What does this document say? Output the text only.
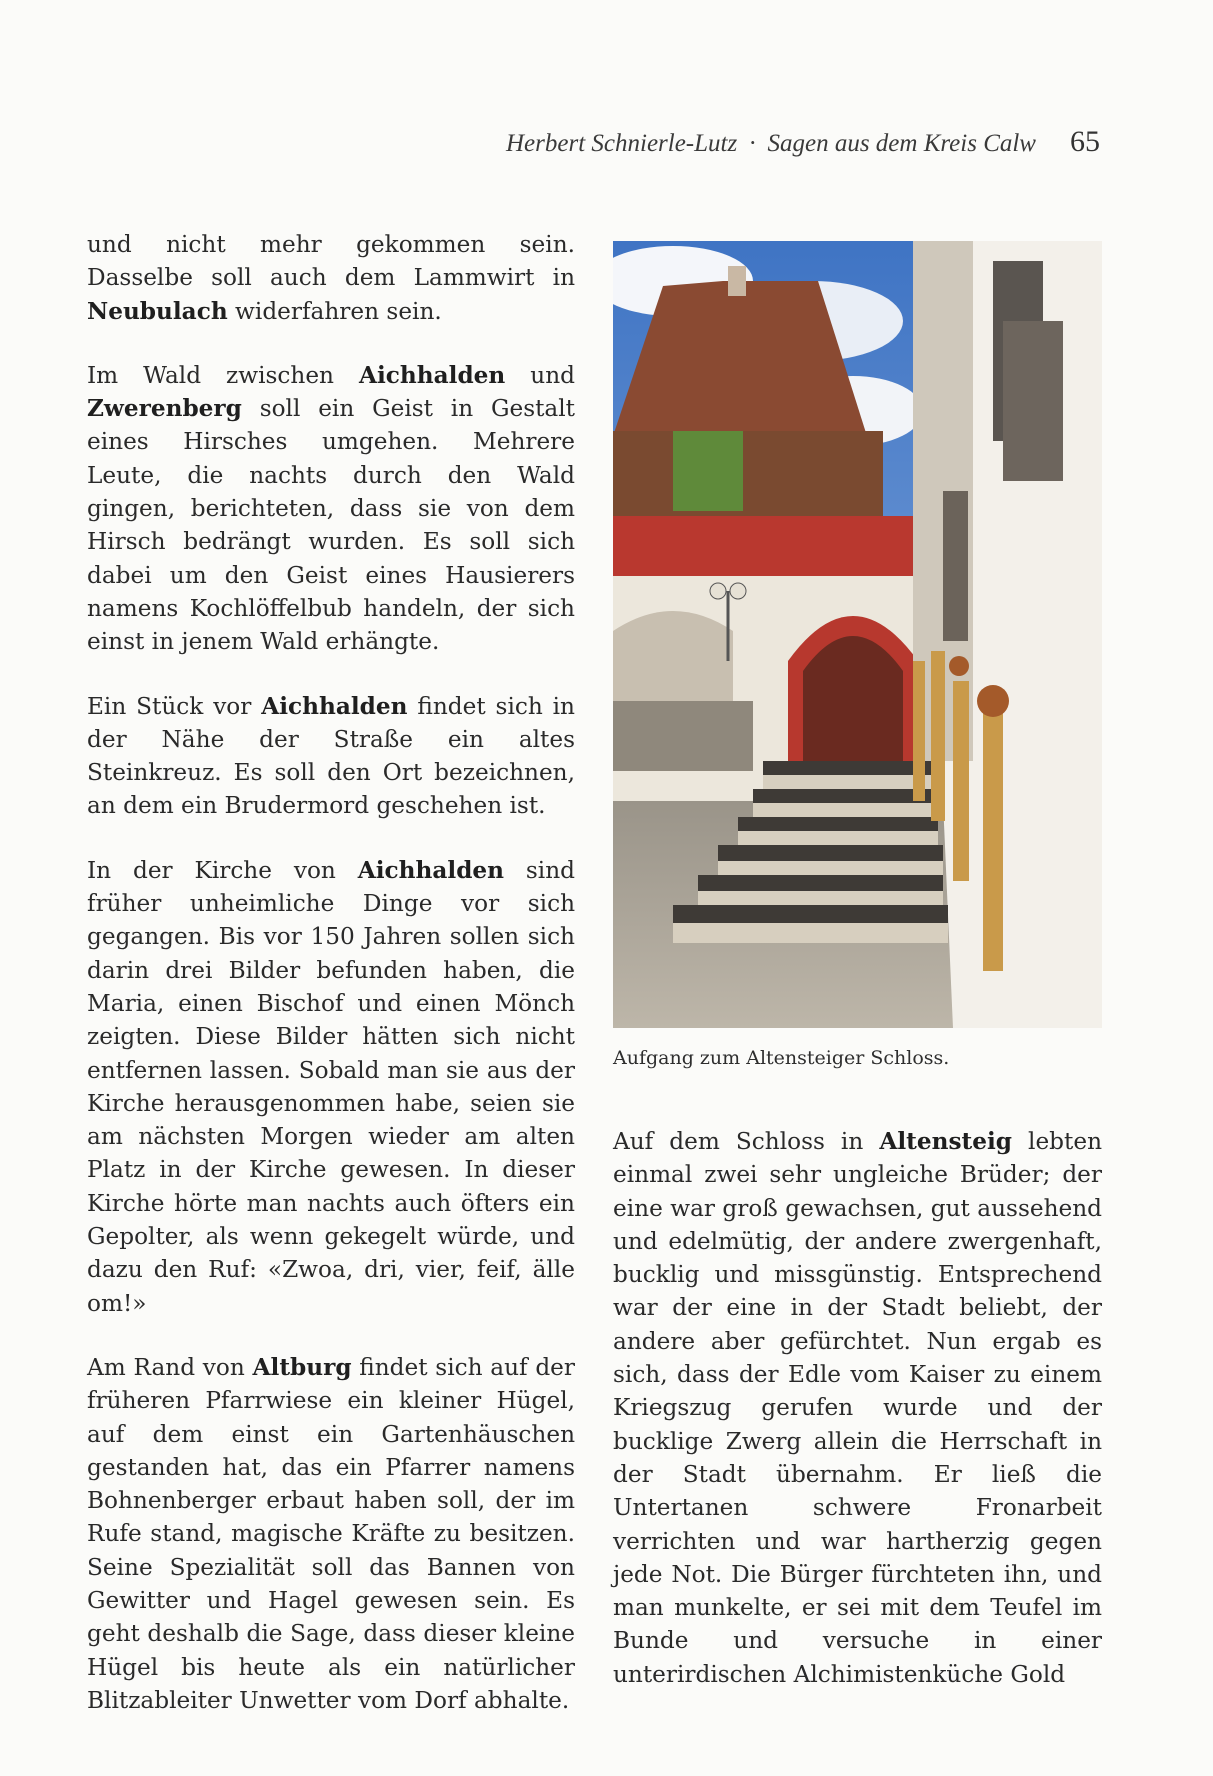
Herbert Schnierle-Lutz · Sagen aus dem Kreis Calw 65

und nicht mehr gekommen sein. Dasselbe soll auch dem Lammwirt in Neubulach widerfahren sein.

Im Wald zwischen Aichhalden und Zwerenberg soll ein Geist in Gestalt eines Hirsches umgehen. Mehrere Leute, die nachts durch den Wald gingen, berichteten, dass sie von dem Hirsch bedrängt wurden. Es soll sich dabei um den Geist eines Hausierers namens Kochlöffelbub handeln, der sich einst in jenem Wald erhängte.

Ein Stück vor Aichhalden findet sich in der Nähe der Straße ein altes Steinkreuz. Es soll den Ort bezeichnen, an dem ein Brudermord geschehen ist.

In der Kirche von Aichhalden sind früher unheimliche Dinge vor sich gegangen. Bis vor 150 Jahren sollen sich darin drei Bilder befunden haben, die Maria, einen Bischof und einen Mönch zeigten. Diese Bilder hätten sich nicht entfernen lassen. Sobald man sie aus der Kirche herausgenommen habe, seien sie am nächsten Morgen wieder am alten Platz in der Kirche gewesen. In dieser Kirche hörte man nachts auch öfters ein Gepolter, als wenn gekegelt würde, und dazu den Ruf: «Zwoa, dri, vier, feif, älle om!»

Am Rand von Altburg findet sich auf der früheren Pfarrwiese ein kleiner Hügel, auf dem einst ein Gartenhäuschen gestanden hat, das ein Pfarrer namens Bohnenberger erbaut haben soll, der im Rufe stand, magische Kräfte zu besitzen. Seine Spezialität soll das Bannen von Gewitter und Hagel gewesen sein. Es geht deshalb die Sage, dass dieser kleine Hügel bis heute als ein natürlicher Blitzableiter Unwetter vom Dorf abhalte.

Aufgang zum Altensteiger Schloss.

Auf dem Schloss in Altensteig lebten einmal zwei sehr ungleiche Brüder; der eine war groß gewachsen, gut aussehend und edelmütig, der andere zwergenhaft, bucklig und missgünstig. Entsprechend war der eine in der Stadt beliebt, der andere aber gefürchtet. Nun ergab es sich, dass der Edle vom Kaiser zu einem Kriegszug gerufen wurde und der bucklige Zwerg allein die Herrschaft in der Stadt übernahm. Er ließ die Untertanen schwere Fronarbeit verrichten und war hartherzig gegen jede Not. Die Bürger fürchteten ihn, und man munkelte, er sei mit dem Teufel im Bunde und versuche in einer unterirdischen Alchimistenküche Gold
